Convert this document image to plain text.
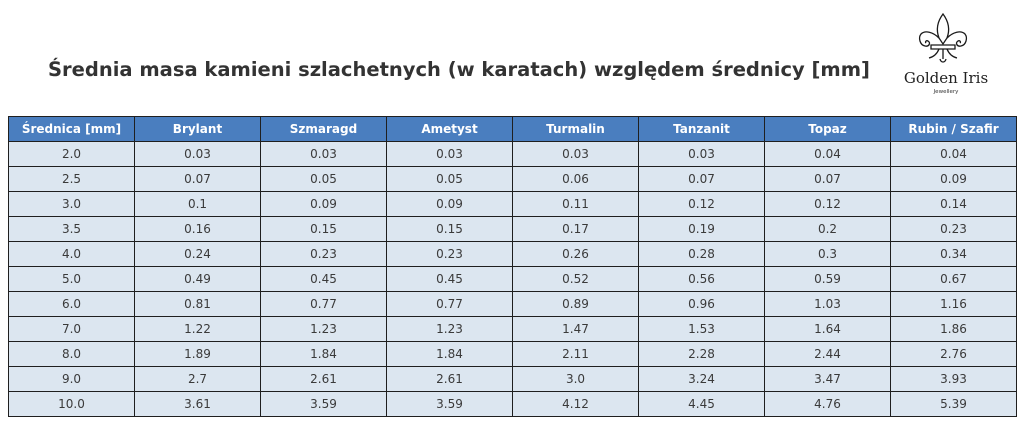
Średnia masa kamieni szlachetnych (w karatach) względem średnicy [mm]	Golden Iris
Jewellery
Średnica [mm]	Brylant	Szmaragd	Ametyst	Turmalin	Tanzanit	Topaz	Rubin / Szafir
2.0	0.03	0.03	0.03	0.03	0.03	0.04	0.04
2.5	0.07	0.05	0.05	0.06	0.07	0.07	0.09
3.0	0.1	0.09	0.09	0.11	0.12	0.12	0.14
3.5	0.16	0.15	0.15	0.17	0.19	0.2	0.23
4.0	0.24	0.23	0.23	0.26	0.28	0.3	0.34
5.0	0.49	0.45	0.45	0.52	0.56	0.59	0.67
6.0	0.81	0.77	0.77	0.89	0.96	1.03	1.16
7.0	1.22	1.23	1.23	1.47	1.53	1.64	1.86
8.0	1.89	1.84	1.84	2.11	2.28	2.44	2.76
9.0	2.7	2.61	2.61	3.0	3.24	3.47	3.93
10.0	3.61	3.59	3.59	4.12	4.45	4.76	5.39
